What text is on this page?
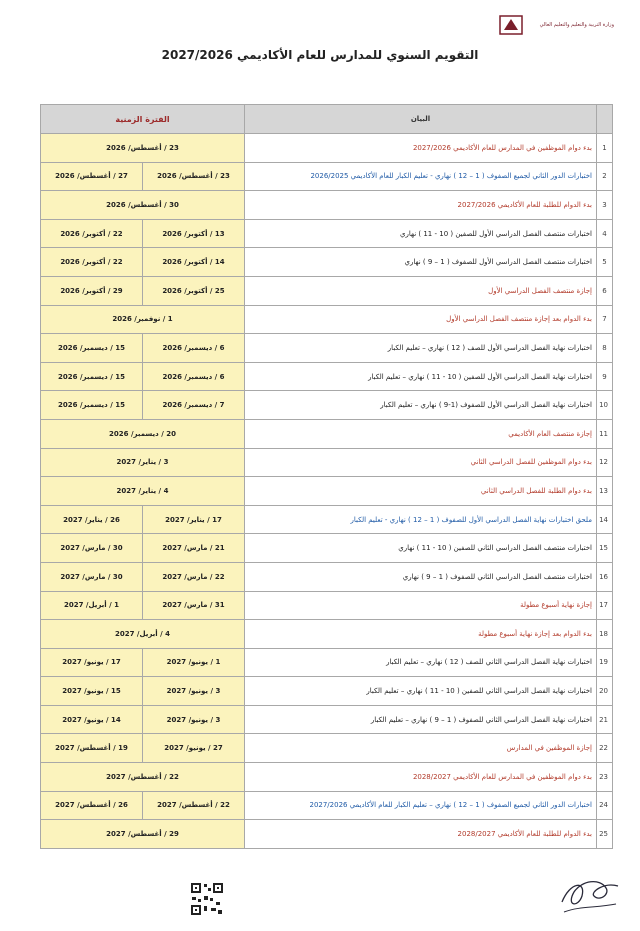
وزارة التربية والتعليم والتعليم العالي
التقويم السنوي للمدارس للعام الأكاديمي 2027/2026
	البيان	الفترة الزمنية	
1	بدء دوام الموظفين في المدارس للعام الأكاديمي 2027/2026	23 / أغسطس/ 2026	
2	اختبارات الدور الثاني لجميع الصفوف ( 1 – 12 ) نهاري - تعليم الكبار للعام الأكاديمي 2026/2025	23 / أغسطس/ 2026	27 / أغسطس/ 2026
3	بدء الدوام للطلبة للعام الأكاديمي 2027/2026	30 / أغسطس/ 2026	
4	اختبارات منتصف الفصل الدراسي الأول للصفين ( 10 - 11 ) نهاري	13 / أكتوبر/ 2026	22 / أكتوبر/ 2026
5	اختبارات منتصف الفصل الدراسي الأول للصفوف ( 1 – 9 ) نهاري	14 / أكتوبر/ 2026	22 / أكتوبر/ 2026
6	إجازة منتصف الفصل الدراسي الأول	25 / أكتوبر/ 2026	29 / أكتوبر/ 2026
7	بدء الدوام بعد إجازة منتصف الفصل الدراسي الأول	1 / نوفمبر/ 2026	
8	اختبارات نهاية الفصل الدراسي الأول للصف ( 12 ) نهاري – تعليم الكبار	6 / ديسمبر/ 2026	15 / ديسمبر/ 2026
9	اختبارات نهاية الفصل الدراسي الأول للصفين ( 10 - 11 ) نهاري – تعليم الكبار	6 / ديسمبر/ 2026	15 / ديسمبر/ 2026
10	اختبارات نهاية الفصل الدراسي الأول للصفوف (1-9 ) نهاري – تعليم الكبار	7 / ديسمبر/ 2026	15 / ديسمبر/ 2026
11	إجازة منتصف العام الأكاديمي	20 / ديسمبر/ 2026	
12	بدء دوام الموظفين للفصل الدراسي الثاني	3 / يناير/ 2027	
13	بدء دوام الطلبة للفصل الدراسي الثاني	4 / يناير/ 2027	
14	ملحق اختبارات نهاية الفصل الدراسي الأول للصفوف ( 1 – 12 ) نهاري - تعليم الكبار	17 / يناير/ 2027	26 / يناير/ 2027
15	اختبارات منتصف الفصل الدراسي الثاني للصفين ( 10 - 11 ) نهاري	21 / مارس/ 2027	30 / مارس/ 2027
16	اختبارات منتصف الفصل الدراسي الثاني للصفوف ( 1 – 9 ) نهاري	22 / مارس/ 2027	30 / مارس/ 2027
17	إجازة نهاية أسبوع مطولة	31 / مارس/ 2027	1 / أبريل/ 2027
18	بدء الدوام بعد إجازة نهاية أسبوع مطولة	4 / أبريل/ 2027	
19	اختبارات نهاية الفصل الدراسي الثاني للصف ( 12 ) نهاري – تعليم الكبار	1 / يونيو/ 2027	17 / يونيو/ 2027
20	اختبارات نهاية الفصل الدراسي الثاني للصفين ( 10 - 11 ) نهاري – تعليم الكبار	3 / يونيو/ 2027	15 / يونيو/ 2027
21	اختبارات نهاية الفصل الدراسي الثاني للصفوف ( 1 – 9 ) نهاري – تعليم الكبار	3 / يونيو/ 2027	14 / يونيو/ 2027
22	إجازة الموظفين في المدارس	27 / يونيو/ 2027	19 / أغسطس/ 2027
23	بدء دوام الموظفين في المدارس للعام الأكاديمي 2028/2027	22 / أغسطس/ 2027	
24	اختبارات الدور الثاني لجميع الصفوف ( 1 – 12 ) نهاري – تعليم الكبار للعام الأكاديمي 2027/2026	22 / أغسطس/ 2027	26 / أغسطس/ 2027
25	بدء الدوام للطلبة للعام الأكاديمي 2028/2027	29 / أغسطس/ 2027	
